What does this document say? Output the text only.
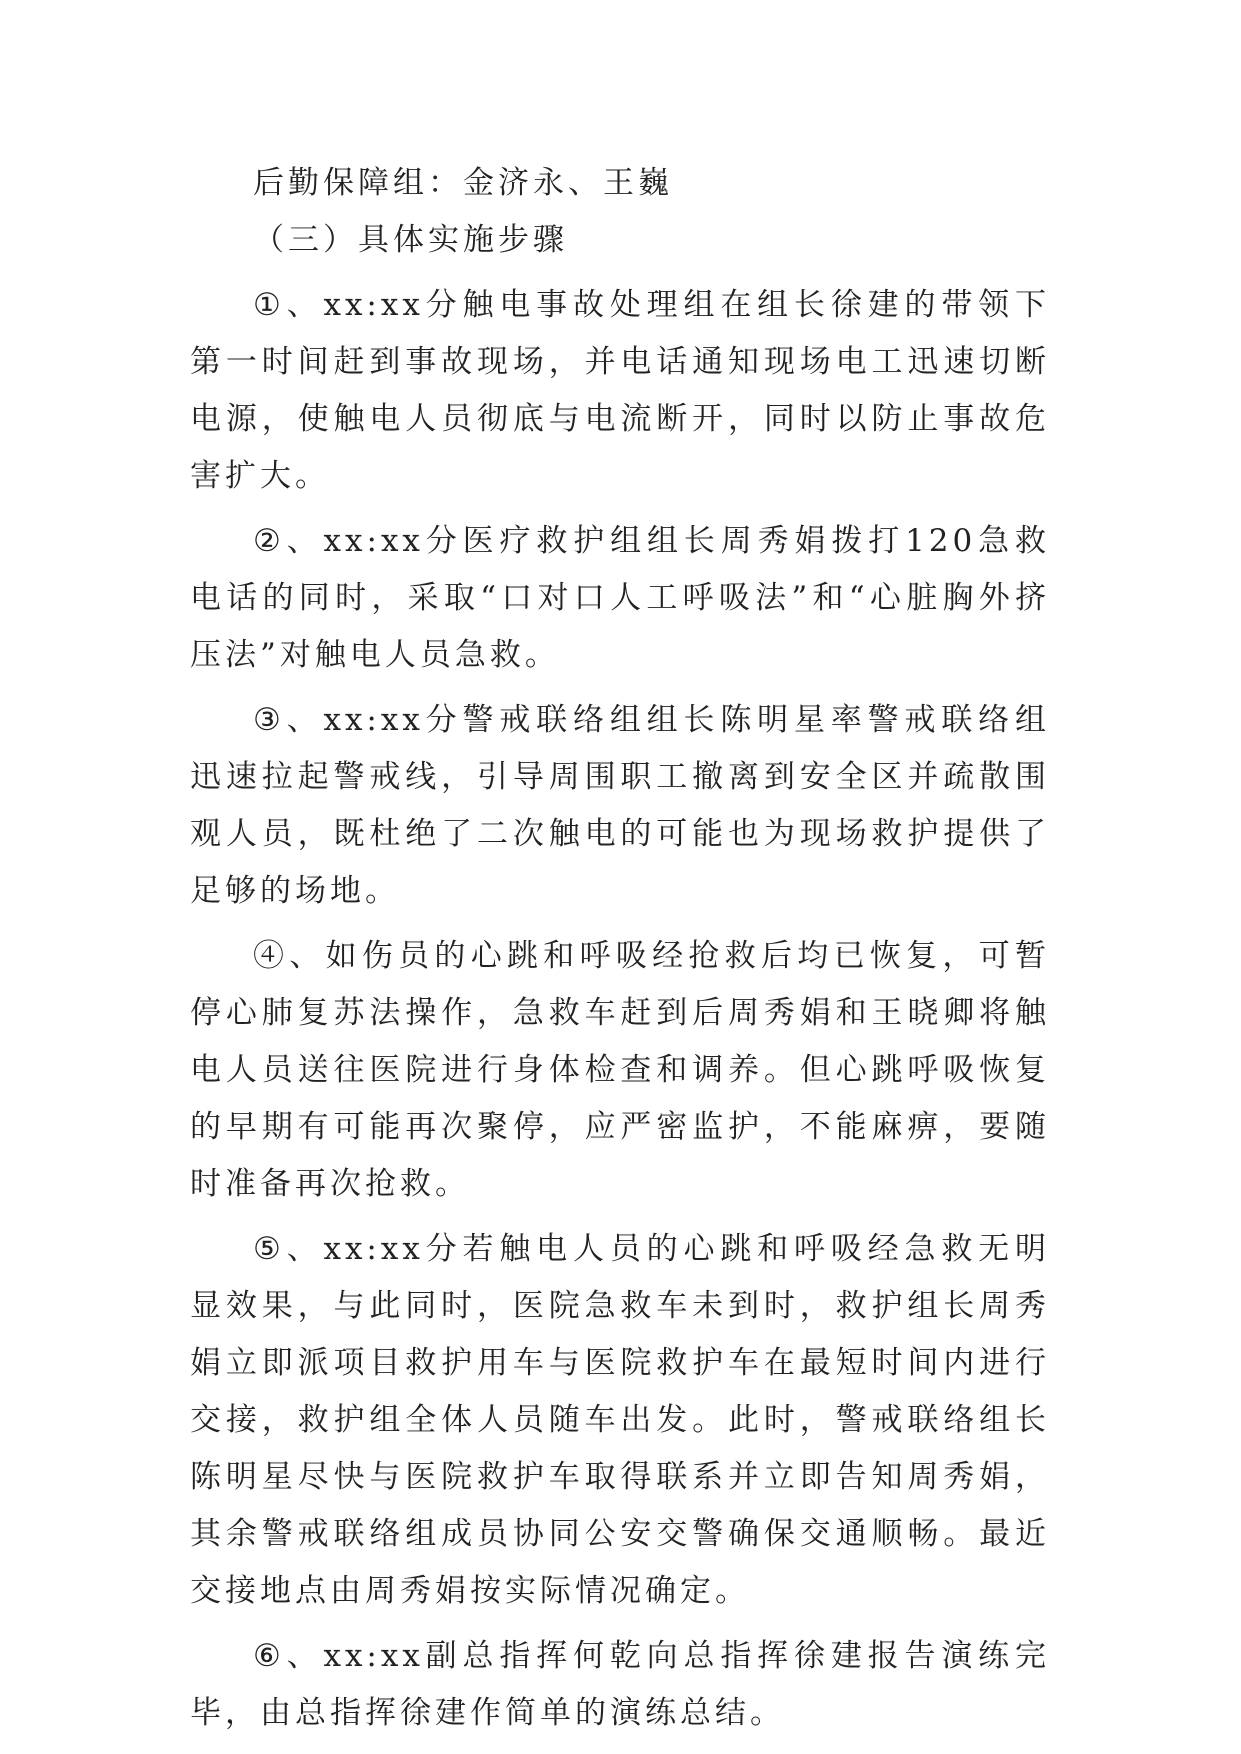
后勤保障组：金济永、王巍

（三）具体实施步骤

①、xx:xx分触电事故处理组在组长徐建的带领下第一时间赶到事故现场，并电话通知现场电工迅速切断电源，使触电人员彻底与电流断开，同时以防止事故危害扩大。

②、xx:xx分医疗救护组组长周秀娟拨打120急救电话的同时，采取“口对口人工呼吸法”和“心脏胸外挤压法”对触电人员急救。

③、xx:xx分警戒联络组组长陈明星率警戒联络组迅速拉起警戒线，引导周围职工撤离到安全区并疏散围观人员，既杜绝了二次触电的可能也为现场救护提供了足够的场地。

④、如伤员的心跳和呼吸经抢救后均已恢复，可暂停心肺复苏法操作，急救车赶到后周秀娟和王晓卿将触电人员送往医院进行身体检查和调养。但心跳呼吸恢复的早期有可能再次聚停，应严密监护，不能麻痹，要随时准备再次抢救。

⑤、xx:xx分若触电人员的心跳和呼吸经急救无明显效果，与此同时，医院急救车未到时，救护组长周秀娟立即派项目救护用车与医院救护车在最短时间内进行交接，救护组全体人员随车出发。此时，警戒联络组长陈明星尽快与医院救护车取得联系并立即告知周秀娟，其余警戒联络组成员协同公安交警确保交通顺畅。最近交接地点由周秀娟按实际情况确定。

⑥、xx:xx副总指挥何乾向总指挥徐建报告演练完毕，由总指挥徐建作简单的演练总结。
